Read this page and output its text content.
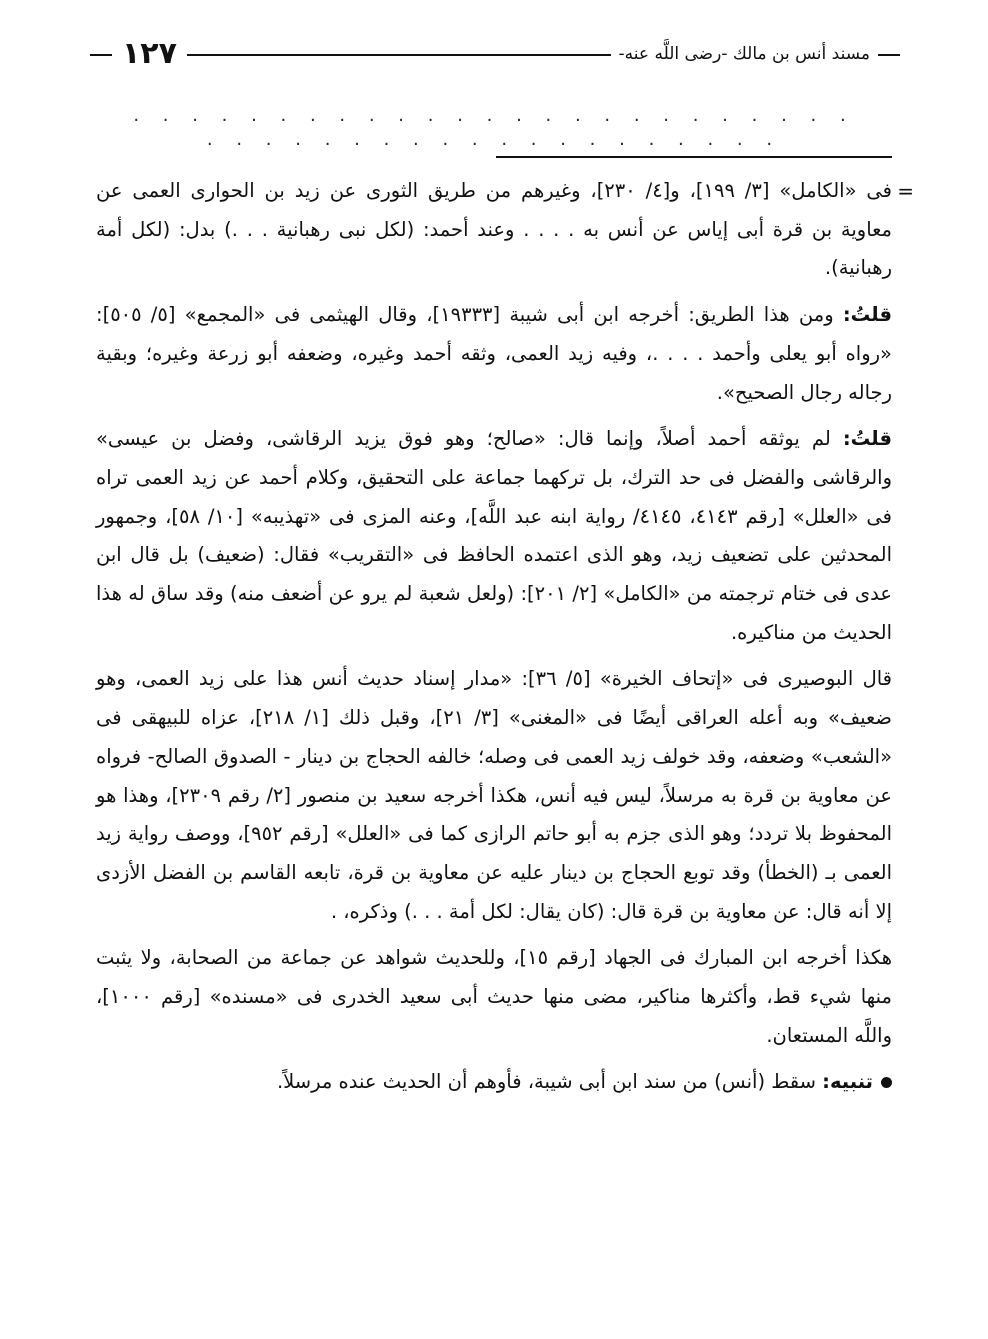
١٢٧	مسند أنس بن مالك -رضى اللَّه عنه-
. . . . . . . . . . . . . . . . . . . . . . . . . . . . . . . . . . . . . . . . . . . . .

=
فى «الكامل» [٣/ ١٩٩]، و[٤/ ٢٣٠]، وغيرهم من طريق الثورى عن زيد بن الحوارى العمى عن معاوية بن قرة أبى إياس عن أنس به . . . . وعند أحمد: (لكل نبى رهبانية . . .) بدل: (لكل أمة رهبانية).

قلتُ: ومن هذا الطريق: أخرجه ابن أبى شيبة [١٩٣٣٣]، وقال الهيثمى فى «المجمع» [٥/ ٥٠٥]: «رواه أبو يعلى وأحمد . . . .، وفيه زيد العمى، وثقه أحمد وغيره، وضعفه أبو زرعة وغيره؛ وبقية رجاله رجال الصحيح».

قلتُ: لم يوثقه أحمد أصلاً، وإنما قال: «صالح؛ وهو فوق يزيد الرقاشى، وفضل بن عيسى» والرقاشى والفضل فى حد الترك، بل تركهما جماعة على التحقيق، وكلام أحمد عن زيد العمى تراه فى «العلل» [رقم ٤١٤٣، ٤١٤٥/ رواية ابنه عبد اللَّه]، وعنه المزى فى «تهذيبه» [١٠/ ٥٨]، وجمهور المحدثين على تضعيف زيد، وهو الذى اعتمده الحافظ فى «التقريب» فقال: (ضعيف) بل قال ابن عدى فى ختام ترجمته من «الكامل» [٢/ ٢٠١]: (ولعل شعبة لم يرو عن أضعف منه) وقد ساق له هذا الحديث من مناكيره.

قال البوصيرى فى «إتحاف الخيرة» [٥/ ٣٦]: «مدار إسناد حديث أنس هذا على زيد العمى، وهو ضعيف» وبه أعله العراقى أيضًا فى «المغنى» [٣/ ٢١]، وقبل ذلك [١/ ٢١٨]، عزاه للبيهقى فى «الشعب» وضعفه، وقد خولف زيد العمى فى وصله؛ خالفه الحجاج بن دينار - الصدوق الصالح- فرواه عن معاوية بن قرة به مرسلاً، ليس فيه أنس، هكذا أخرجه سعيد بن منصور [٢/ رقم ٢٣٠٩]، وهذا هو المحفوظ بلا تردد؛ وهو الذى جزم به أبو حاتم الرازى كما فى «العلل» [رقم ٩٥٢]، ووصف رواية زيد العمى بـ (الخطأ) وقد توبع الحجاج بن دينار عليه عن معاوية بن قرة، تابعه القاسم بن الفضل الأزدى إلا أنه قال: عن معاوية بن قرة قال: (كان يقال: لكل أمة . . .) وذكره، .

هكذا أخرجه ابن المبارك فى الجهاد [رقم ١٥]، وللحديث شواهد عن جماعة من الصحابة، ولا يثبت منها شيء قط، وأكثرها مناكير، مضى منها حديث أبى سعيد الخدرى فى «مسنده» [رقم ١٠٠٠]، واللَّه المستعان.

تنبيه: سقط (أنس) من سند ابن أبى شيبة، فأوهم أن الحديث عنده مرسلاً.
